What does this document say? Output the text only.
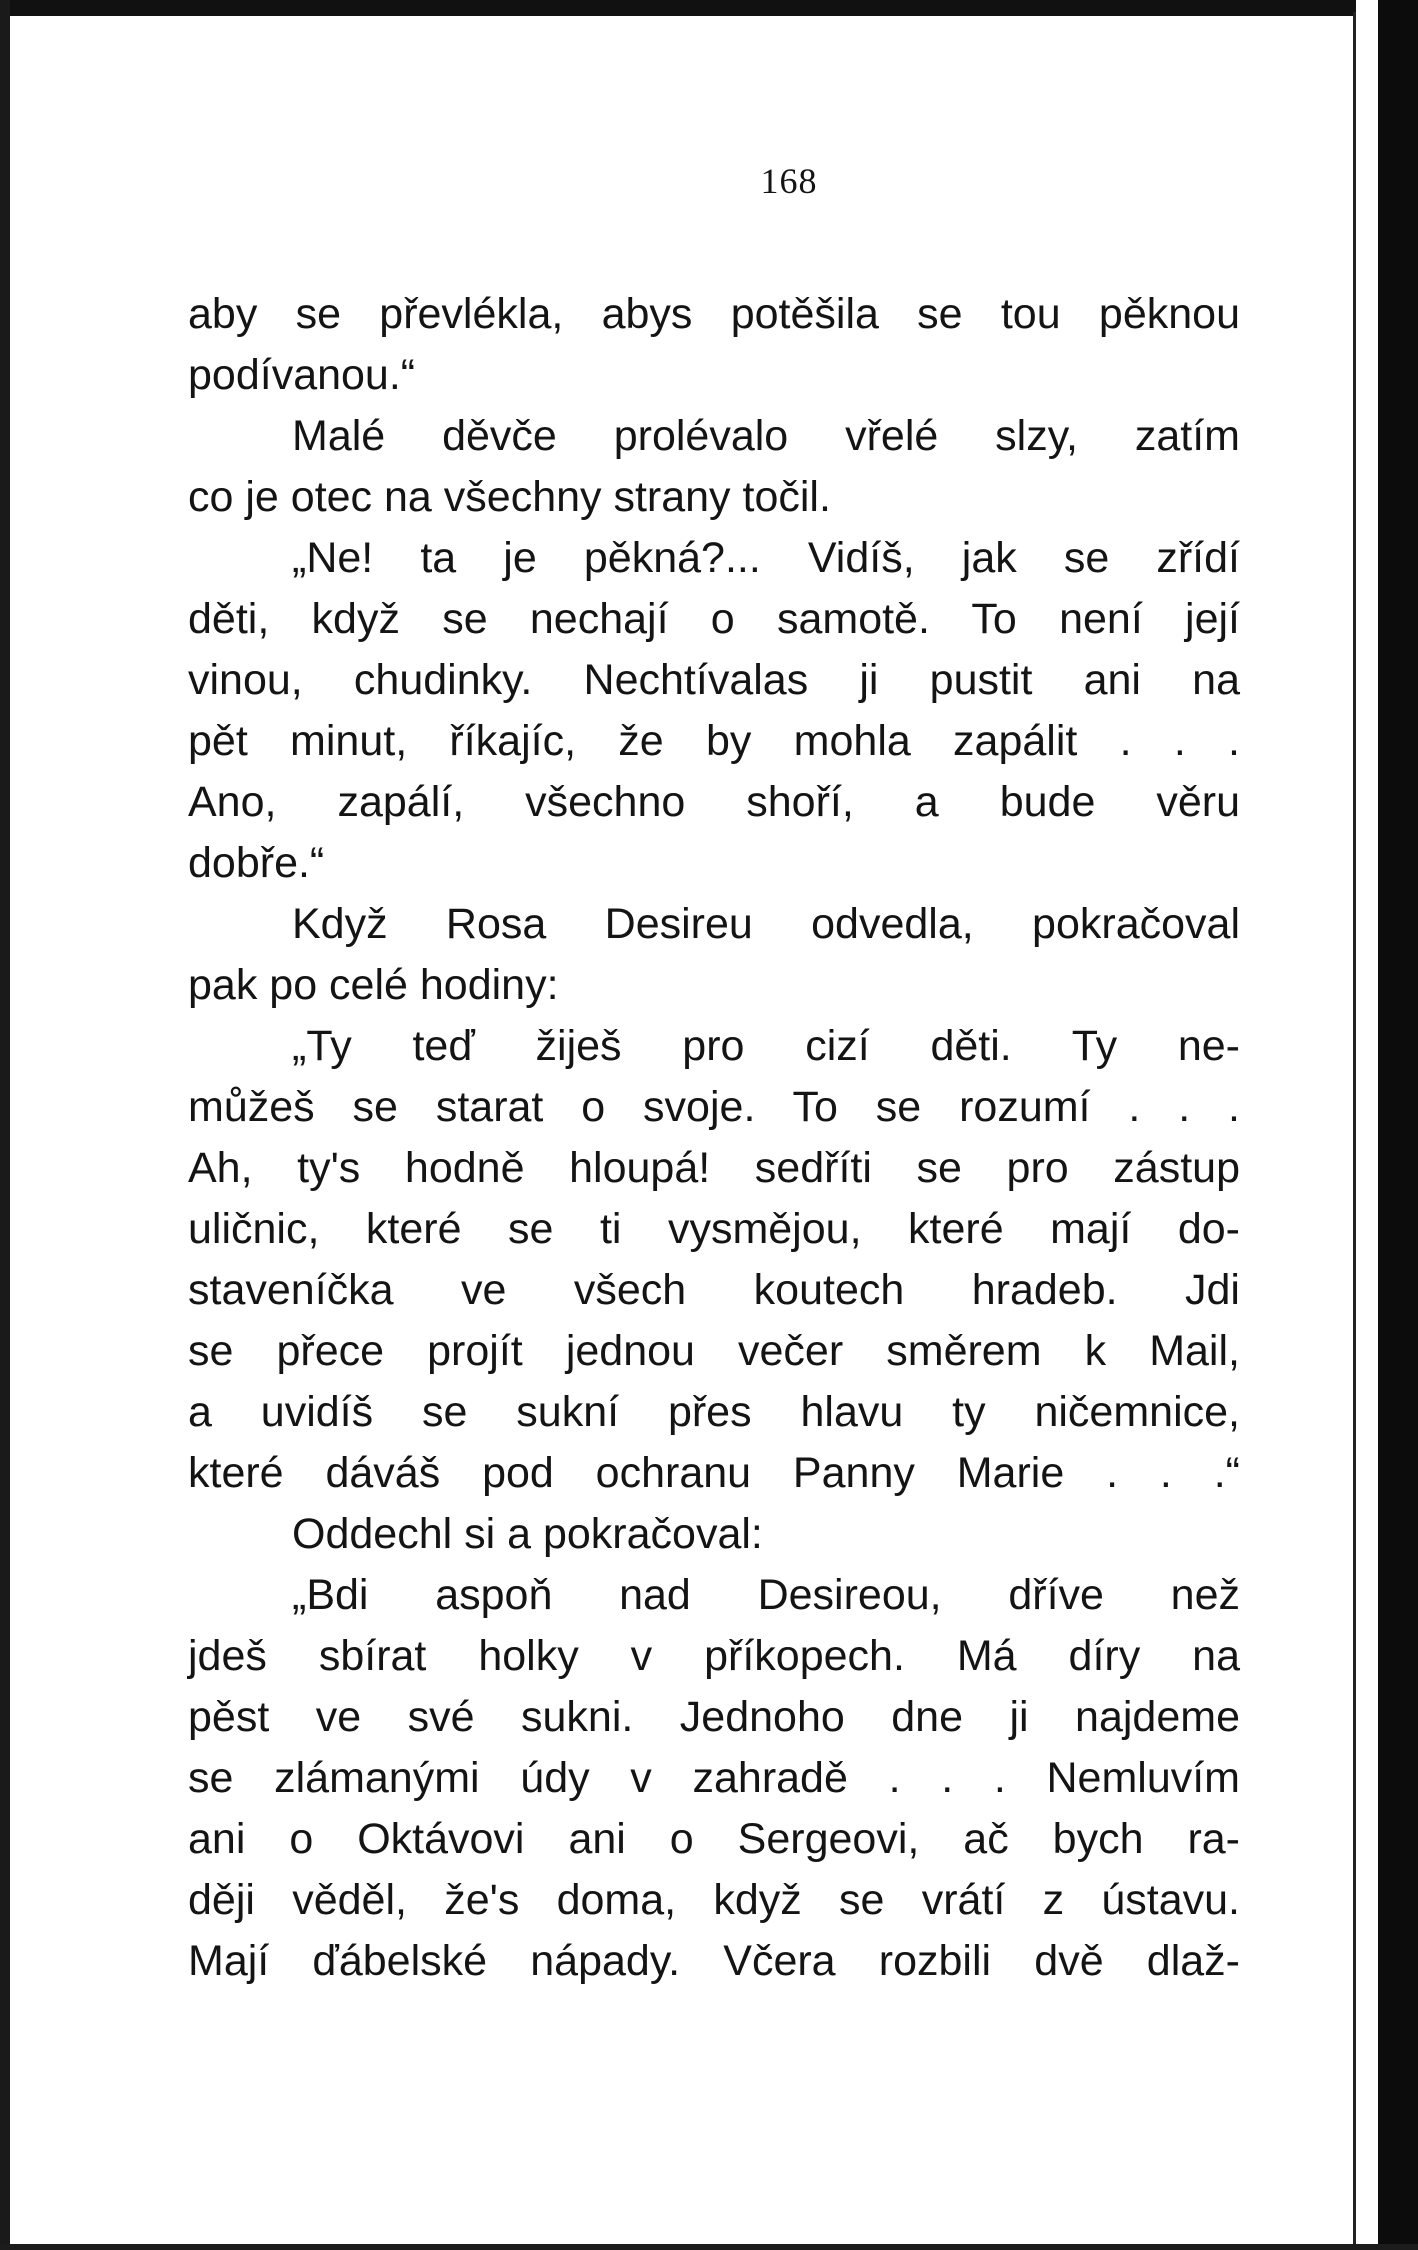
168
aby se převlékla, abys potěšila se tou pěknou
podívanou.“
Malé děvče prolévalo vřelé slzy, zatím
co je otec na všechny strany točil.
„Ne! ta je pěkná?... Vidíš, jak se zřídí
děti, když se nechají o samotě. To není její
vinou, chudinky. Nechtívalas ji pustit ani na
pět minut, říkajíc, že by mohla zapálit . . .
Ano, zapálí, všechno shoří, a bude věru
dobře.“
Když Rosa Desireu odvedla, pokračoval
pak po celé hodiny:
„Ty teď žiješ pro cizí děti. Ty ne-
můžeš se starat o svoje. To se rozumí . . .
Ah, ty's hodně hloupá! sedříti se pro zástup
uličnic, které se ti vysmějou, které mají do-
staveníčka ve všech koutech hradeb. Jdi
se přece projít jednou večer směrem k Mail,
a uvidíš se sukní přes hlavu ty ničemnice,
které dáváš pod ochranu Panny Marie . . .“
Oddechl si a pokračoval:
„Bdi aspoň nad Desireou, dříve než
jdeš sbírat holky v příkopech. Má díry na
pěst ve své sukni. Jednoho dne ji najdeme
se zlámanými údy v zahradě . . . Nemluvím
ani o Oktávovi ani o Sergeovi, ač bych ra-
ději věděl, že's doma, když se vrátí z ústavu.
Mají ďábelské nápady. Včera rozbili dvě dlaž-
